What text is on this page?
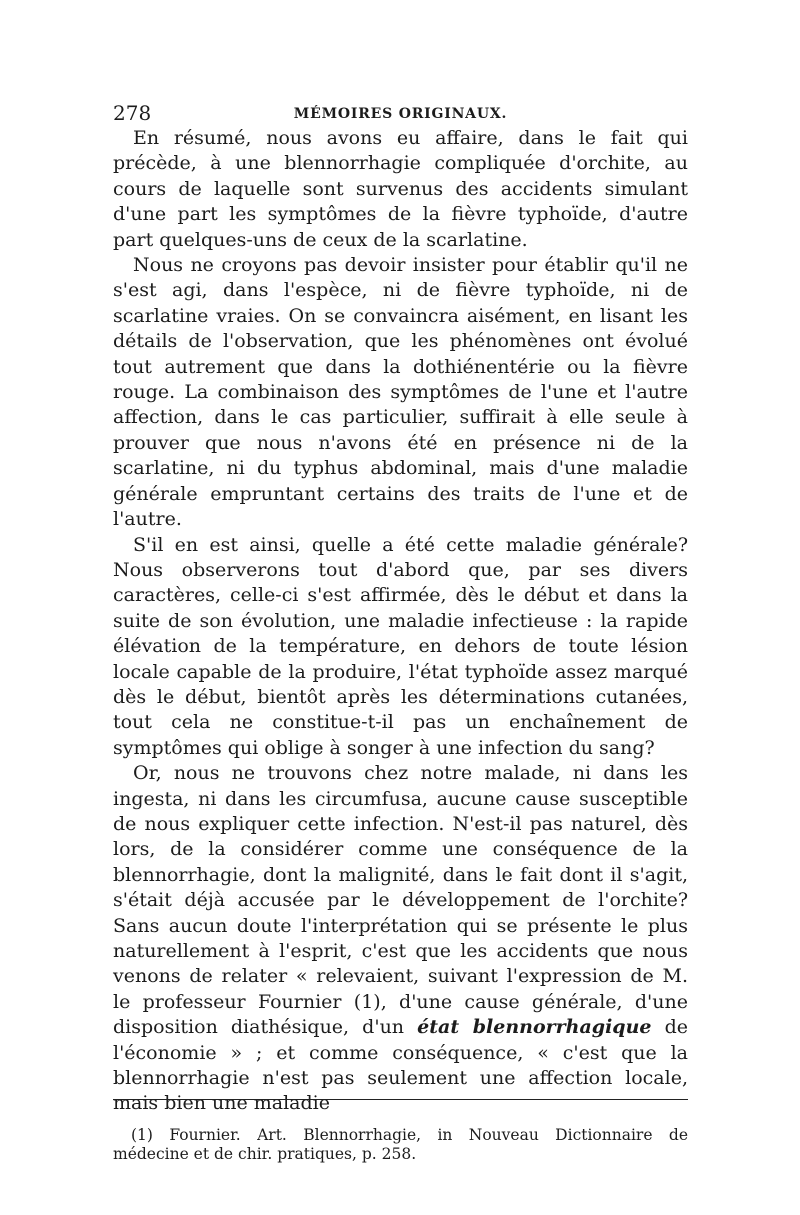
278	MÉMOIRES ORIGINAUX.

En résumé, nous avons eu affaire, dans le fait qui précède, à une blennorrhagie compliquée d'orchite, au cours de laquelle sont survenus des accidents simulant d'une part les symptômes de la fièvre typhoïde, d'autre part quelques-uns de ceux de la scarlatine.

Nous ne croyons pas devoir insister pour établir qu'il ne s'est agi, dans l'espèce, ni de fièvre typhoïde, ni de scarlatine vraies. On se convaincra aisément, en lisant les détails de l'observation, que les phénomènes ont évolué tout autrement que dans la dothiénentérie ou la fièvre rouge. La combinaison des symptômes de l'une et l'autre affection, dans le cas particulier, suffirait à elle seule à prouver que nous n'avons été en présence ni de la scarlatine, ni du typhus abdominal, mais d'une maladie générale empruntant certains des traits de l'une et de l'autre.

S'il en est ainsi, quelle a été cette maladie générale? Nous observerons tout d'abord que, par ses divers caractères, celle-ci s'est affirmée, dès le début et dans la suite de son évolution, une maladie infectieuse : la rapide élévation de la température, en dehors de toute lésion locale capable de la produire, l'état typhoïde assez marqué dès le début, bientôt après les déterminations cutanées, tout cela ne constitue-t-il pas un enchaînement de symptômes qui oblige à songer à une infection du sang?

Or, nous ne trouvons chez notre malade, ni dans les ingesta, ni dans les circumfusa, aucune cause susceptible de nous expliquer cette infection. N'est-il pas naturel, dès lors, de la considérer comme une conséquence de la blennorrhagie, dont la malignité, dans le fait dont il s'agit, s'était déjà accusée par le développement de l'orchite? Sans aucun doute l'interprétation qui se présente le plus naturellement à l'esprit, c'est que les accidents que nous venons de relater « relevaient, suivant l'expression de M. le professeur Fournier (1), d'une cause générale, d'une disposition diathésique, d'un état blennorrhagique de l'économie » ; et comme conséquence, « c'est que la blennorrhagie n'est pas seulement une affection locale, mais bien une maladie

(1) Fournier. Art. Blennorrhagie, in Nouveau Dictionnaire de médecine et de chir. pratiques, p. 258.
